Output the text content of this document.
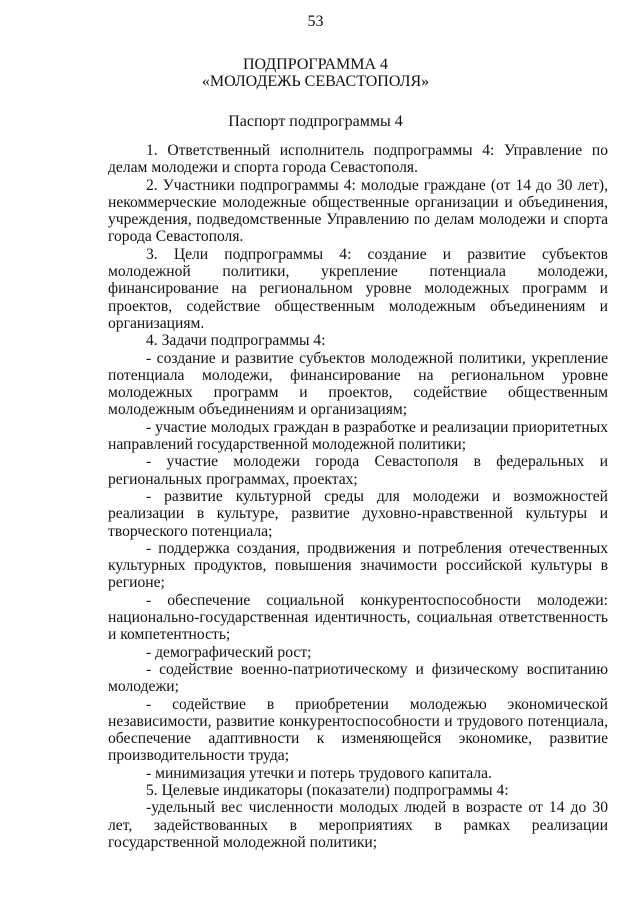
53
ПОДПРОГРАММА 4
«МОЛОДЕЖЬ СЕВАСТОПОЛЯ»
Паспорт подпрограммы 4

1. Ответственный исполнитель подпрограммы 4: Управление по делам молодежи и спорта города Севастополя.

2. Участники подпрограммы 4: молодые граждане (от 14 до 30 лет), некоммерческие молодежные общественные организации и объединения, учреждения, подведомственные Управлению по делам молодежи и спорта города Севастополя.

3. Цели подпрограммы 4: создание и развитие субъектов молодежной политики, укрепление потенциала молодежи, финансирование на региональном уровне молодежных программ и проектов, содействие общественным молодежным объединениям и организациям.

4. Задачи подпрограммы 4:

- создание и развитие субъектов молодежной политики, укрепление потенциала молодежи, финансирование на региональном уровне молодежных программ и проектов, содействие общественным молодежным объединениям и организациям;

- участие молодых граждан в разработке и реализации приоритетных направлений государственной молодежной политики;

- участие молодежи города Севастополя в федеральных и региональных программах, проектах;

- развитие культурной среды для молодежи и возможностей реализации в культуре, развитие духовно-нравственной культуры и творческого потенциала;

- поддержка создания, продвижения и потребления отечественных культурных продуктов, повышения значимости российской культуры в регионе;

- обеспечение социальной конкурентоспособности молодежи: национально-государственная идентичность, социальная ответственность и компетентность;

- демографический рост;

- содействие военно-патриотическому и физическому воспитанию молодежи;

- содействие в приобретении молодежью экономической независимости, развитие конкурентоспособности и трудового потенциала, обеспечение адаптивности к изменяющейся экономике, развитие производительности труда;

- минимизация утечки и потерь трудового капитала.

5. Целевые индикаторы (показатели) подпрограммы 4:

-удельный вес численности молодых людей в возрасте от 14 до 30 лет, задействованных в мероприятиях в рамках реализации государственной молодежной политики;
